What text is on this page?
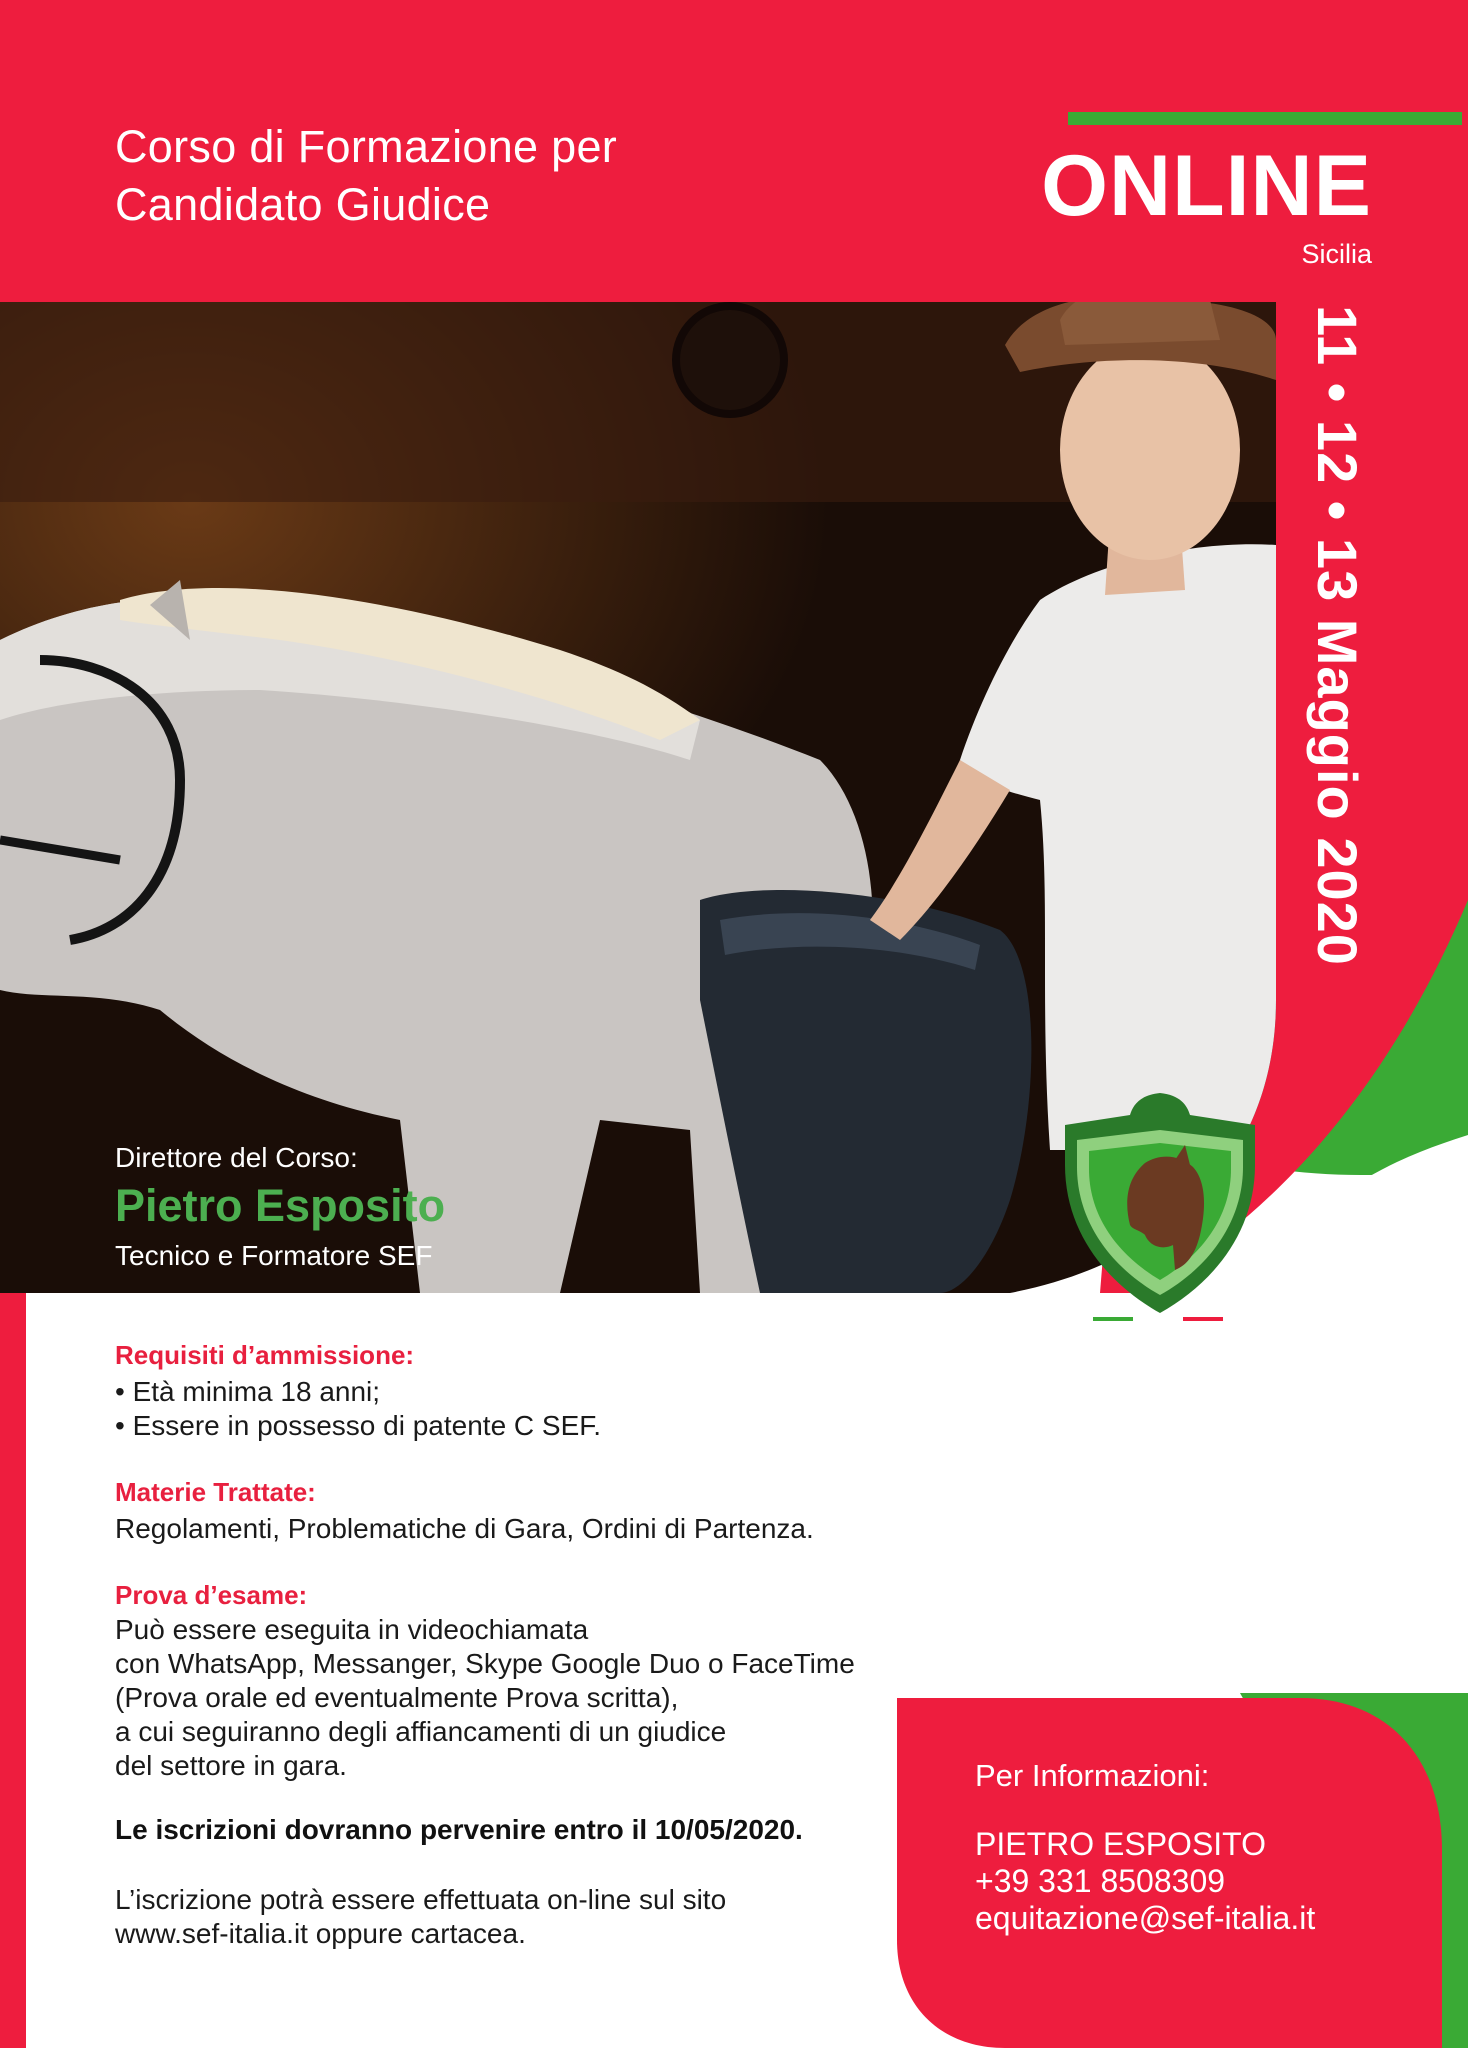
Corso di Formazione per
Candidato Giudice	ONLINE
Sicilia
11 • 12 • 13 Maggio 2020
Direttore del Corso:
Pietro Esposito
Tecnico e Formatore SEF
Requisiti d’ammissione:
• Età minima 18 anni;
• Essere in possesso di patente C SEF.
Materie Trattate:
Regolamenti, Problematiche di Gara, Ordini di Partenza.
Prova d’esame:
Può essere eseguita in videochiamata
con WhatsApp, Messanger, Skype Google Duo o FaceTime
(Prova orale ed eventualmente Prova scritta),
a cui seguiranno degli affiancamenti di un giudice
del settore in gara.
Le iscrizioni dovranno pervenire entro il 10/05/2020.
L’iscrizione potrà essere effettuata on-line sul sito
www.sef-italia.it oppure cartacea.
Per Informazioni:
PIETRO ESPOSITO
+39 331 8508309
equitazione@sef-italia.it
